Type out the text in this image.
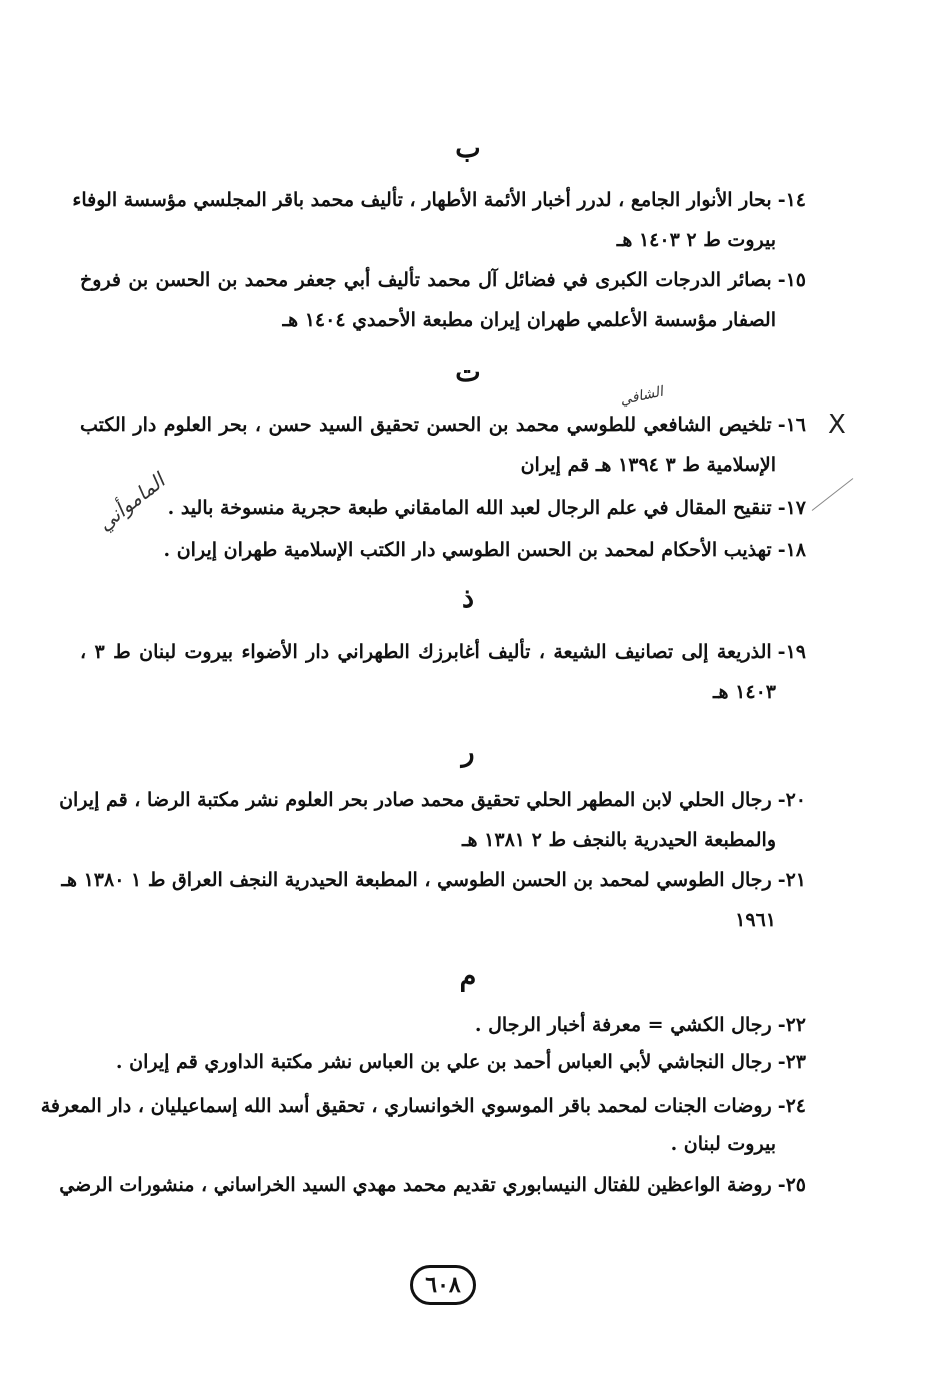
ب
١٤-بحار الأنوار الجامع ، لدرر أخبار الأئمة الأطهار ، تأليف محمد باقر المجلسي مؤسسة الوفاء
بيروت ط ٢ ١٤٠٣ هـ
١٥-بصائر الدرجات الكبرى في فضائل آل محمد تأليف أبي جعفر محمد بن الحسن بن فروخ
الصفار مؤسسة الأعلمي طهران إيران مطبعة الأحمدي ١٤٠٤ هـ
ت
١٦-تلخيص الشافعي للطوسي محمد بن الحسن تحقيق السيد حسن ، بحر العلوم دار الكتب
الإسلامية ط ٣ ١٣٩٤ هـ قم إيران
١٧-تنقيح المقال في علم الرجال لعبد الله المامقاني طبعة حجرية منسوخة باليد .
١٨-تهذيب الأحكام لمحمد بن الحسن الطوسي دار الكتب الإسلامية طهران إيران .
ذ
١٩-الذريعة إلى تصانيف الشيعة ، تأليف أغابرزك الطهراني دار الأضواء بيروت لبنان ط ٣ ،
١٤٠٣ هـ
ر
٢٠-رجال الحلي لابن المطهر الحلي تحقيق محمد صادر بحر العلوم نشر مكتبة الرضا ، قم إيران
والمطبعة الحيدرية بالنجف ط ٢ ١٣٨١ هـ
٢١-رجال الطوسي لمحمد بن الحسن الطوسي ، المطبعة الحيدرية النجف العراق ط ١ ١٣٨٠ هـ
١٩٦١
م
٢٢-رجال الكشي = معرفة أخبار الرجال .
٢٣-رجال النجاشي لأبي العباس أحمد بن علي بن العباس نشر مكتبة الداوري قم إيران .
٢٤-روضات الجنات لمحمد باقر الموسوي الخوانساري ، تحقيق أسد الله إسماعيليان ، دار المعرفة
بيروت لبنان .
٢٥-روضة الواعظين للفتال النيسابوري تقديم محمد مهدي السيد الخراساني ، منشورات الرضي
الشافي
الماموأني
X
٦٠٨
